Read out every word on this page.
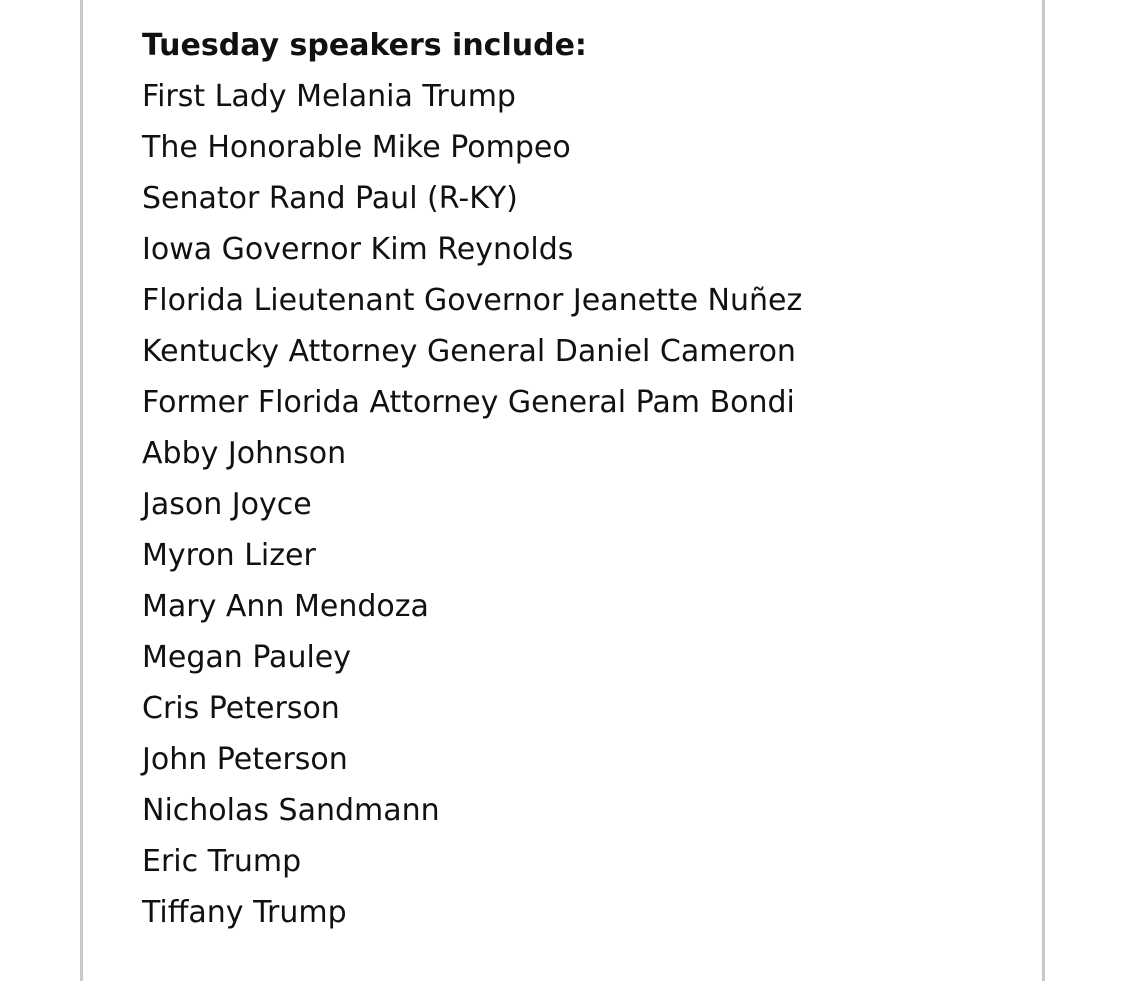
Tuesday speakers include:
First Lady Melania Trump
The Honorable Mike Pompeo
Senator Rand Paul (R-KY)
Iowa Governor Kim Reynolds
Florida Lieutenant Governor Jeanette Nuñez
Kentucky Attorney General Daniel Cameron
Former Florida Attorney General Pam Bondi
Abby Johnson
Jason Joyce
Myron Lizer
Mary Ann Mendoza
Megan Pauley
Cris Peterson
John Peterson
Nicholas Sandmann
Eric Trump
Tiffany Trump
